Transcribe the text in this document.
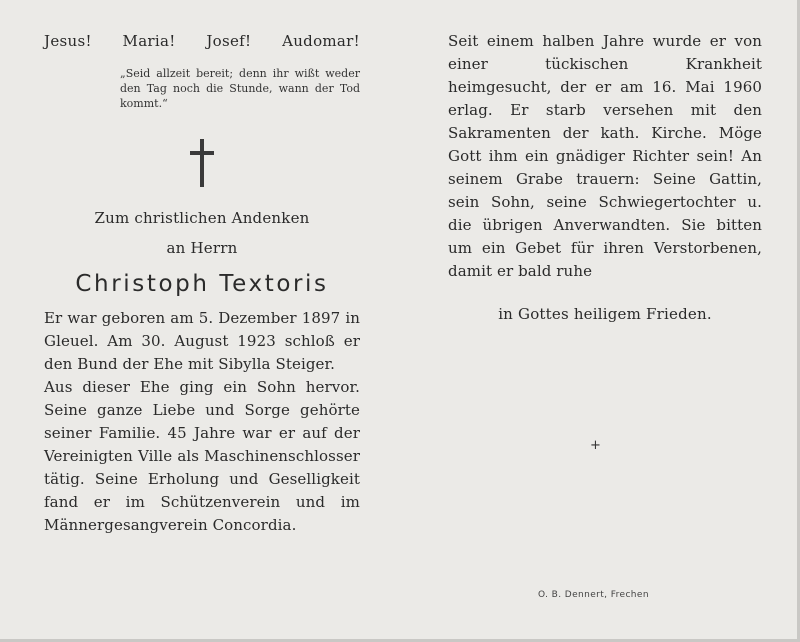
Jesus! Maria! Josef! Audomar!
„Seid allzeit bereit; denn ihr wißt weder den Tag noch die Stunde, wann der Tod kommt.“
Zum christlichen Andenken
an Herrn
Christoph Textoris

Er war geboren am 5. Dezember 1897 in Gleuel. Am 30. August 1923 schloß er den Bund der Ehe mit Sibylla Steiger.

Aus dieser Ehe ging ein Sohn hervor. Seine ganze Liebe und Sorge gehörte seiner Familie. 45 Jahre war er auf der Vereinigten Ville als Maschinenschlosser tätig. Seine Erholung und Geselligkeit fand er im Schützenverein und im Männergesangverein Concordia.

Seit einem halben Jahre wurde er von einer tückischen Krankheit heimgesucht, der er am 16. Mai 1960 erlag. Er starb versehen mit den Sakramenten der kath. Kirche. Möge Gott ihm ein gnädiger Richter sein! An seinem Grabe trauern: Seine Gattin, sein Sohn, seine Schwiegertochter u. die übrigen Anverwandten. Sie bitten um ein Gebet für ihren Verstorbenen, damit er bald ruhe

in Gottes heiligem Frieden.
+
O. B. Dennert, Frechen
